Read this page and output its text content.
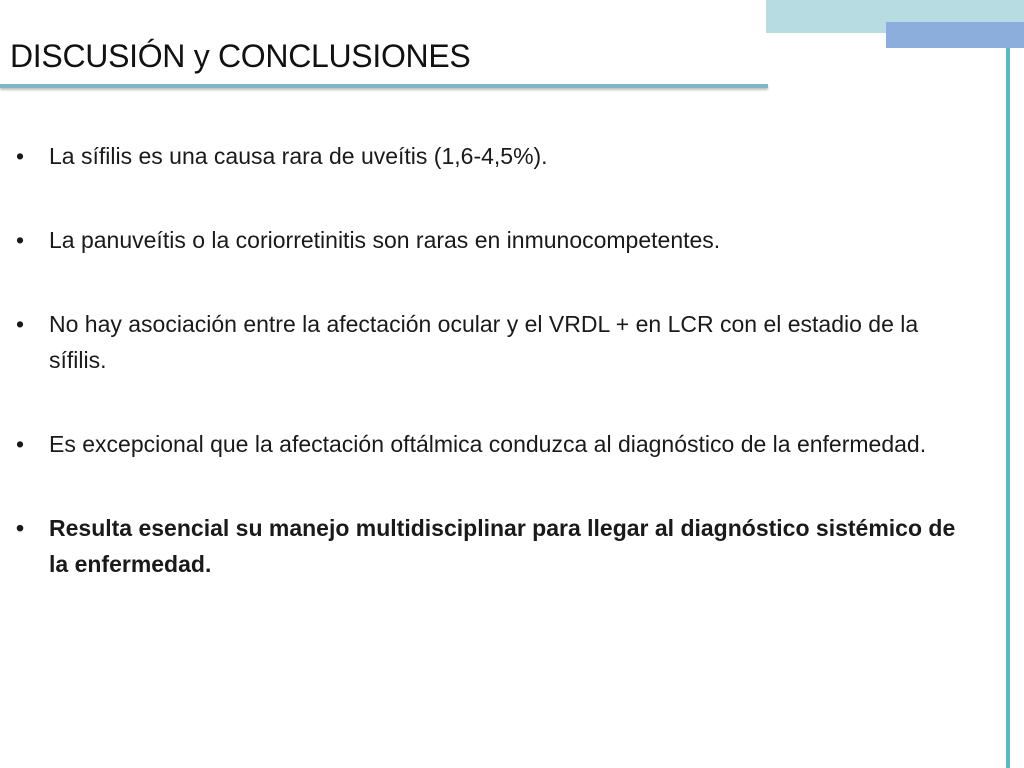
DISCUSIÓN y CONCLUSIONES
• La sífilis es una causa rara de uveítis (1,6-4,5%).
• La panuveítis o la coriorretinitis son raras en inmunocompetentes.
• No hay asociación entre la afectación ocular y el VRDL + en LCR con el estadio de la sífilis.
• Es excepcional que la afectación oftálmica conduzca al diagnóstico de la enfermedad.
• Resulta esencial su manejo multidisciplinar para llegar al diagnóstico sistémico de la enfermedad.
